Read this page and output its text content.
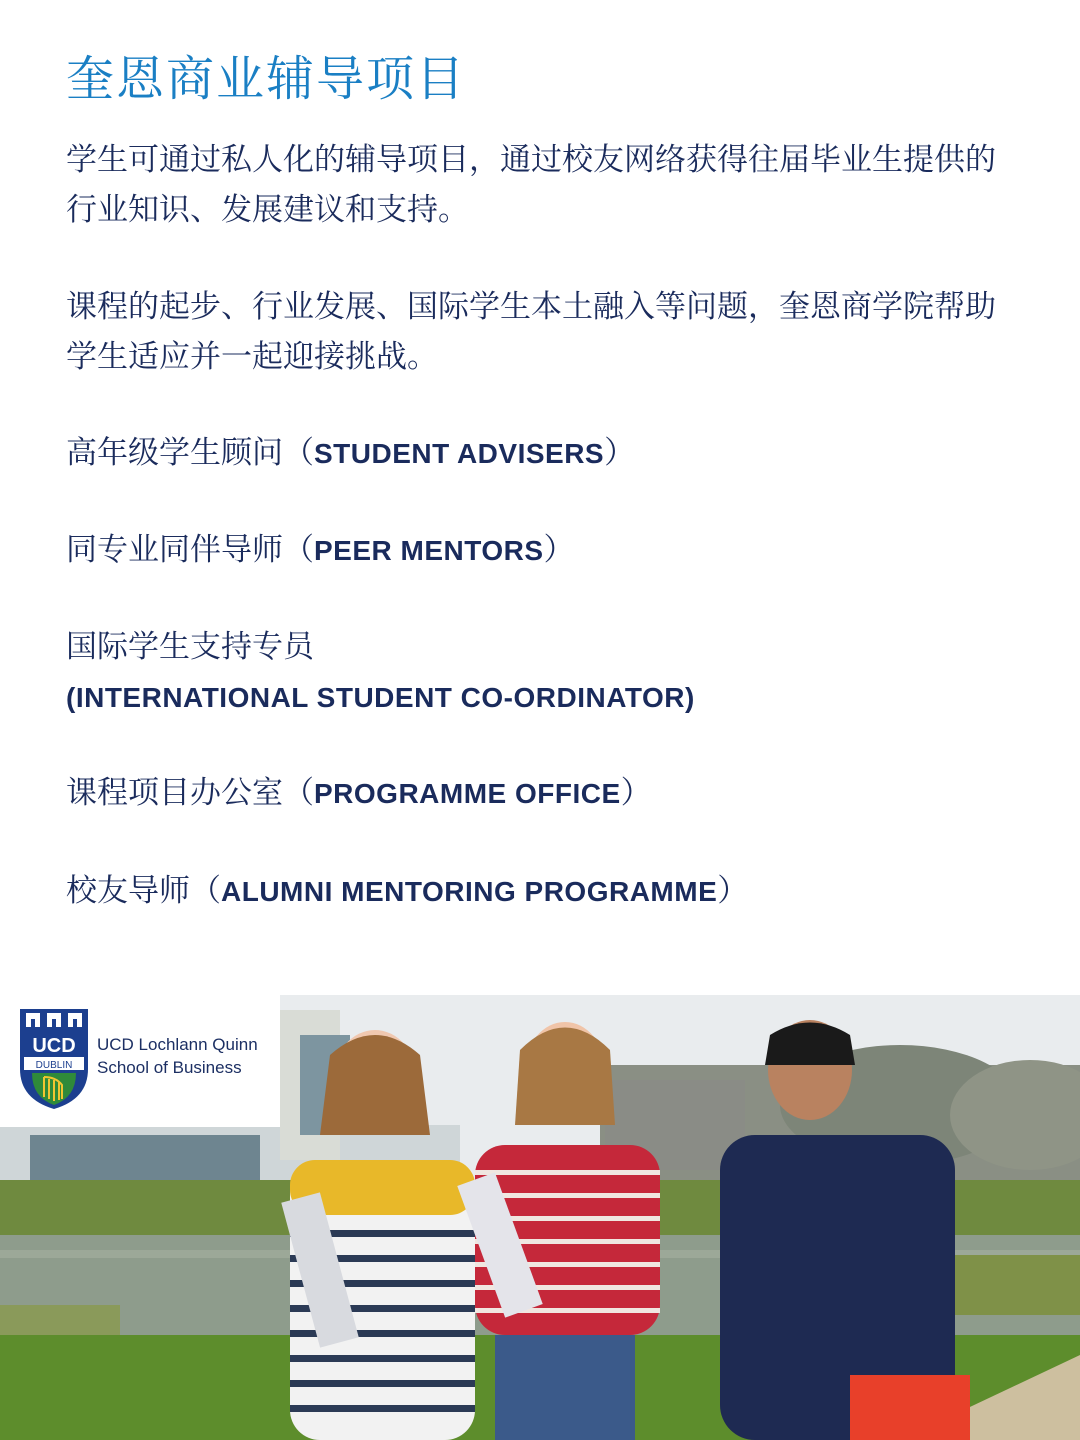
奎恩商业辅导项目

学生可通过私人化的辅导项目，通过校友网络获得往届毕业生提供的行业知识、发展建议和支持。

课程的起步、行业发展、国际学生本土融入等问题，奎恩商学院帮助学生适应并一起迎接挑战。

高年级学生顾问（STUDENT ADVISERS）
同专业同伴导师（PEER MENTORS）
国际学生支持专员
(INTERNATIONAL STUDENT CO-ORDINATOR)
课程项目办公室（PROGRAMME OFFICE）
校友导师（ALUMNI MENTORING PROGRAMME）
UCD
DUBLIN
UCD Lochlann Quinn
School of Business
